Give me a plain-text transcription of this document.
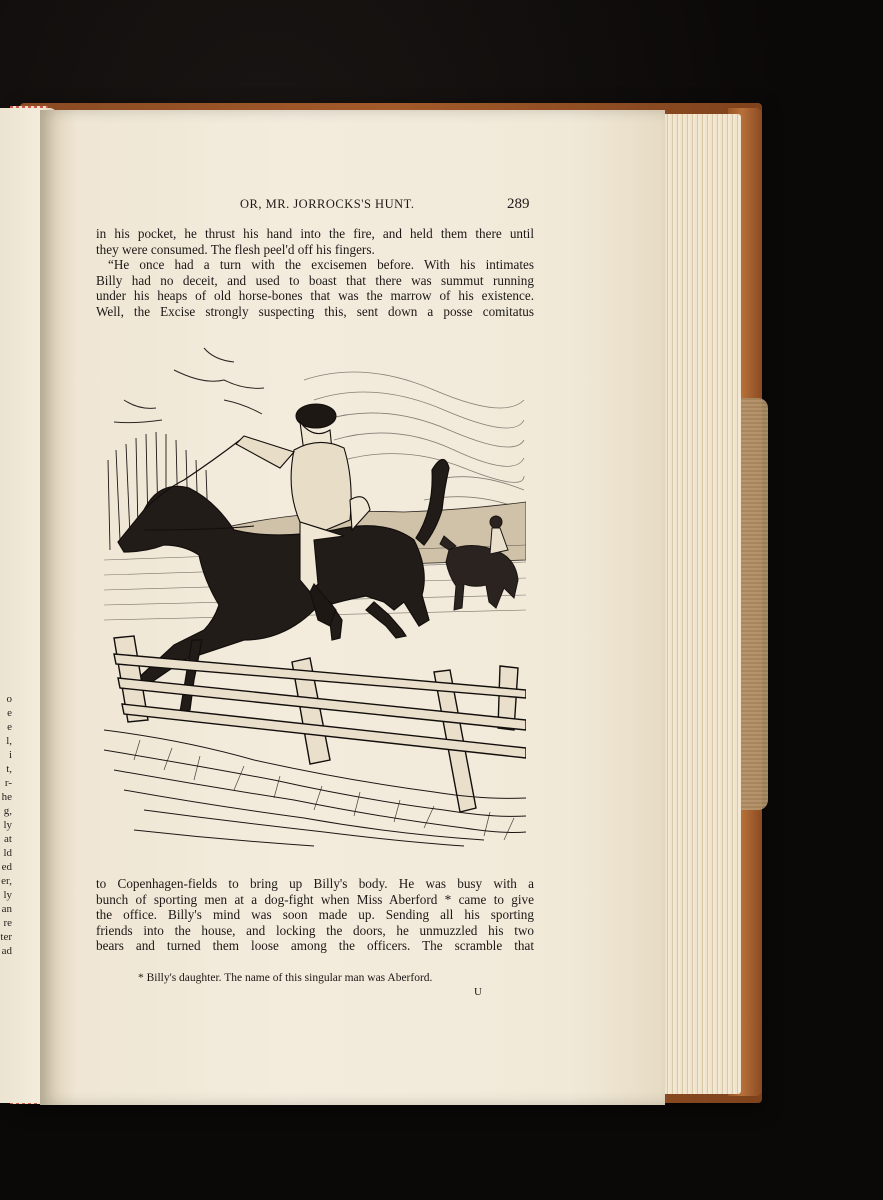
o
e
e
l,
i
t,
r-
he
g,
ly
at
ld
ed
er,
ly
an
re
ter
ad
OR, MR. JORROCKS'S HUNT.	289
in his pocket, he thrust his hand into the fire, and held them there until
they were consumed. The flesh peel'd off his fingers.
“He once had a turn with the excisemen before. With his intimates
Billy had no deceit, and used to boast that there was summut running
under his heaps of old horse-bones that was the marrow of his existence.
Well, the Excise strongly suspecting this, sent down a posse comitatus
to Copenhagen-fields to bring up Billy's body. He was busy with a
bunch of sporting men at a dog-fight when Miss Aberford * came to give
the office. Billy's mind was soon made up. Sending all his sporting
friends into the house, and locking the doors, he unmuzzled his two
bears and turned them loose among the officers. The scramble that
* Billy's daughter. The name of this singular man was Aberford.
U
